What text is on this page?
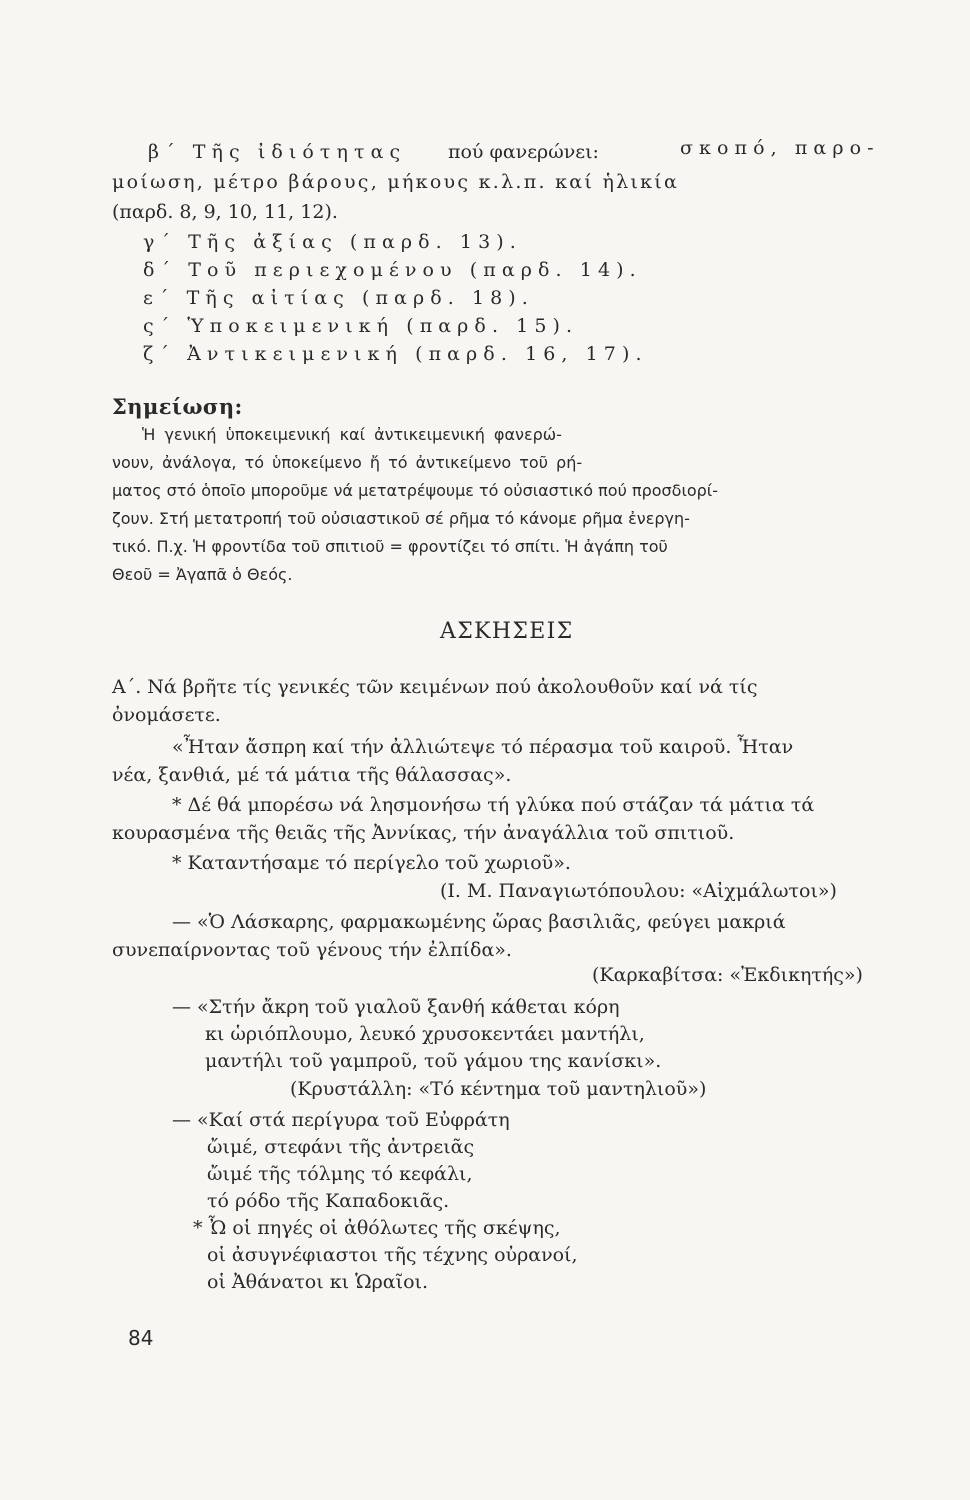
β΄ Τῆς ἰδιότητας πού φανερώνει:	σκοπό, παρο-
μοίωση, μέτρο βάρους, μήκους κ.λ.π. καί ἡλικία
(παρδ. 8, 9, 10, 11, 12).
γ΄ Τῆς ἀξίας (παρδ. 13).
δ΄ Τοῦ περιεχομένου (παρδ. 14).
ε΄ Τῆς αἰτίας (παρδ. 18).
ς΄ Ὑποκειμενική (παρδ. 15).
ζ΄ Ἀντικειμενική (παρδ. 16, 17).
Σημείωση:
Ἡ γενική ὑποκειμενική καί ἀντικειμενική φανερώ-
νουν, ἀνάλογα, τό ὑποκείμενο ἤ τό ἀντικείμενο τοῦ ρή-
ματος στό ὁποῖο μποροῦμε νά μετατρέψουμε τό οὐσιαστικό πού προσδιορί-
ζουν. Στή μετατροπή τοῦ οὐσιαστικοῦ σέ ρῆμα τό κάνομε ρῆμα ἐνεργη-
τικό. Π.χ. Ἡ φροντίδα τοῦ σπιτιοῦ = φροντίζει τό σπίτι. Ἡ ἀγάπη τοῦ
Θεοῦ = Ἀγαπᾶ ὁ Θεός.
ΑΣΚΗΣΕΙΣ
Α΄. Νά βρῆτε τίς γενικές τῶν κειμένων πού ἀκολουθοῦν καί νά τίς
ὀνομάσετε.
«Ἦταν ἄσπρη καί τήν ἀλλιώτεψε τό πέρασμα τοῦ καιροῦ. Ἦταν
νέα, ξανθιά, μέ τά μάτια τῆς θάλασσας».
* Δέ θά μπορέσω νά λησμονήσω τή γλύκα πού στάζαν τά μάτια τά
κουρασμένα τῆς θειᾶς τῆς Ἀννίκας, τήν ἀναγάλλια τοῦ σπιτιοῦ.
* Καταντήσαμε τό περίγελο τοῦ χωριοῦ».
(Ι. Μ. Παναγιωτόπουλου: «Αἰχμάλωτοι»)
— «Ὁ Λάσκαρης, φαρμακωμένης ὥρας βασιλιᾶς, φεύγει μακριά
συνεπαίρνοντας τοῦ γένους τήν ἐλπίδα».
(Καρκαβίτσα: «Ἐκδικητής»)
— «Στήν ἄκρη τοῦ γιαλοῦ ξανθή κάθεται κόρη
κι ὡριόπλουμο, λευκό χρυσοκεντάει μαντήλι,
μαντήλι τοῦ γαμπροῦ, τοῦ γάμου της κανίσκι».
(Κρυστάλλη: «Τό κέντημα τοῦ μαντηλιοῦ»)
— «Καί στά περίγυρα τοῦ Εὐφράτη
ὤιμέ, στεφάνι τῆς ἀντρειᾶς
ὤιμέ τῆς τόλμης τό κεφάλι,
τό ρόδο τῆς Καπαδοκιᾶς.
* Ὦ οἱ πηγές οἱ ἀθόλωτες τῆς σκέψης,
οἱ ἀσυγνέφιαστοι τῆς τέχνης οὐρανοί,
οἱ Ἀθάνατοι κι Ὡραῖοι.
84
